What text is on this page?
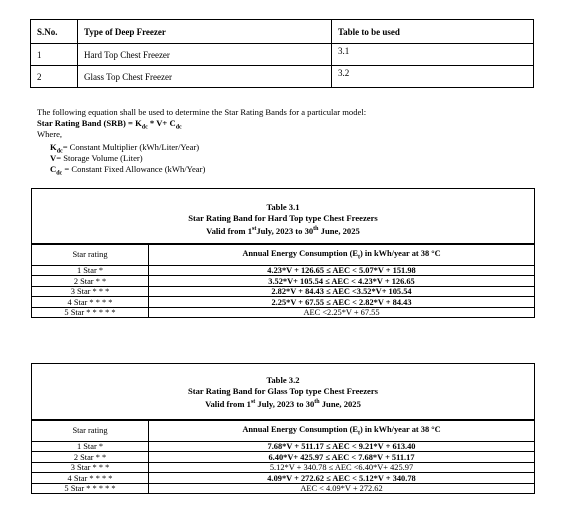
S.No.	Type of Deep Freezer	Table to be used
1	Hard Top Chest Freezer	3.1
2	Glass Top Chest Freezer	3.2
The following equation shall be used to determine the Star Rating Bands for a particular model:
Star Rating Band $(SRB) = K_{dc} * V+ C_{dc}$
Where,
$K_{dc}=$ Constant Multiplier (kWh/Liter/Year)
V= Storage Volume (Liter)
$C_{dc}$ = Constant Fixed Allowance (kWh/Year)
Table 3.1
Star Rating Band for Hard Top type Chest Freezers
Valid from 1stJuly, 2023 to 30th June, 2025
Star rating	Annual Energy Consumption $(E_t)$ in kWh/year at 38 °C
1 Star *	4.23*V + 126.65 ≤ AEC < 5.07*V + 151.98
2 Star * *	3.52*V+ 105.54 ≤ AEC < 4.23*V + 126.65
3 Star * * *	2.82*V + 84.43 ≤ AEC <3.52*V+ 105.54
4 Star * * * *	2.25*V + 67.55 ≤ AEC < 2.82*V + 84.43
5 Star * * * * *	AEC <2.25*V + 67.55
Table 3.2
Star Rating Band for Glass Top type Chest Freezers
Valid from 1st July, 2023 to 30th June, 2025
Star rating	Annual Energy Consumption $(E_t)$ in kWh/year at 38 °C
1 Star *	7.68*V + 511.17 ≤ AEC < 9.21*V + 613.40
2 Star * *	6.40*V+ 425.97 ≤ AEC < 7.68*V + 511.17
3 Star * * *	5.12*V + 340.78 ≤ AEC <6.40*V+ 425.97
4 Star * * * *	4.09*V + 272.62 ≤ AEC < 5.12*V + 340.78
5 Star * * * * *	AEC < 4.09*V + 272.62
